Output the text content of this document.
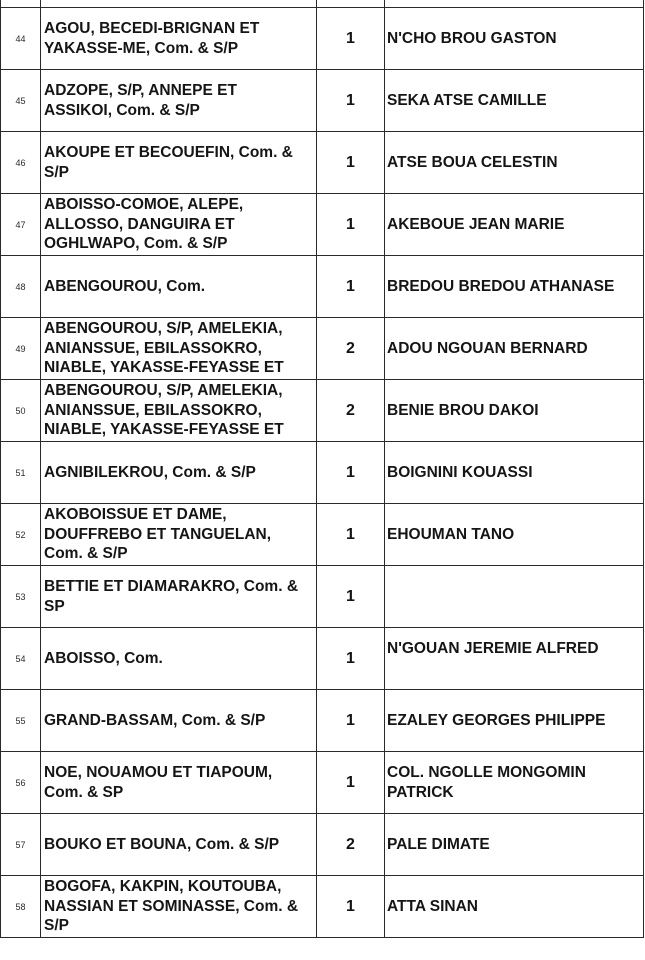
44	AGOU, BECEDI-BRIGNAN ET
YAKASSE-ME, Com. & S/P	1	N'CHO BROU GASTON
45	ADZOPE, S/P, ANNEPE ET
ASSIKOI, Com. & S/P	1	SEKA ATSE CAMILLE
46	AKOUPE ET BECOUEFIN, Com. &
S/P	1	ATSE BOUA CELESTIN
47	ABOISSO-COMOE, ALEPE,
ALLOSSO, DANGUIRA ET
OGHLWAPO, Com. & S/P	1	AKEBOUE JEAN MARIE
48	ABENGOUROU, Com.	1	BREDOU BREDOU ATHANASE
49	ABENGOUROU, S/P, AMELEKIA,
ANIANSSUE, EBILASSOKRO,
NIABLE, YAKASSE-FEYASSE ET	2	ADOU NGOUAN BERNARD
50	ABENGOUROU, S/P, AMELEKIA,
ANIANSSUE, EBILASSOKRO,
NIABLE, YAKASSE-FEYASSE ET	2	BENIE BROU DAKOI
51	AGNIBILEKROU, Com. & S/P	1	BOIGNINI KOUASSI
52	AKOBOISSUE ET DAME,
DOUFFREBO ET TANGUELAN,
Com. & S/P	1	EHOUMAN TANO
53	BETTIE ET DIAMARAKRO, Com. &
SP	1	
54	ABOISSO, Com.	1	N'GOUAN JEREMIE ALFRED
55	GRAND-BASSAM, Com. & S/P	1	EZALEY GEORGES PHILIPPE
56	NOE, NOUAMOU ET TIAPOUM,
Com. & SP	1	COL. NGOLLE MONGOMIN
PATRICK

57	BOUKO ET BOUNA, Com. & S/P	2	PALE DIMATE
58	BOGOFA, KAKPIN, KOUTOUBA,
NASSIAN ET SOMINASSE, Com. &
S/P	1	ATTA SINAN
